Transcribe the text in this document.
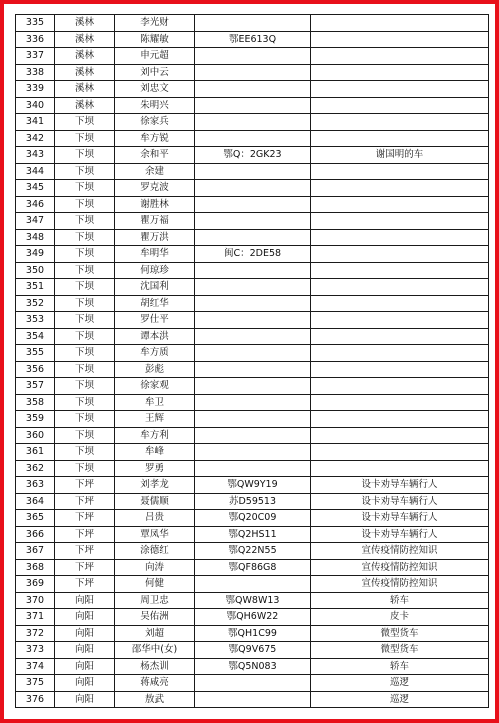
335	溪林	李光财		
336	溪林	陈耀敏	鄂EE613Q	
337	溪林	申元超		
338	溪林	刘中云		
339	溪林	刘忠文		
340	溪林	朱明兴		
341	下坝	徐家兵		
342	下坝	牟方锐		
343	下坝	余和平	鄂Q：2GK23	谢国明的车
344	下坝	余建		
345	下坝	罗克波		
346	下坝	谢胜林		
347	下坝	瞿万福		
348	下坝	瞿万洪		
349	下坝	牟明华	闽C：2DE58	
350	下坝	何琼珍		
351	下坝	沈国利		
352	下坝	胡红华		
353	下坝	罗仕平		
354	下坝	谭本洪		
355	下坝	牟方质		
356	下坝	彭彪		
357	下坝	徐家观		
358	下坝	牟卫		
359	下坝	王辉		
360	下坝	牟方利		
361	下坝	牟峰		
362	下坝	罗勇		
363	下坪	刘孝龙	鄂QW9Y19	设卡劝导车辆行人
364	下坪	聂儒顺	苏D59513	设卡劝导车辆行人
365	下坪	吕贵	鄂Q20C09	设卡劝导车辆行人
366	下坪	覃凤华	鄂Q2HS11	设卡劝导车辆行人
367	下坪	涂德红	鄂Q22N55	宣传疫情防控知识
368	下坪	向涛	鄂QF86G8	宣传疫情防控知识
369	下坪	何健		宣传疫情防控知识
370	向阳	周卫忠	鄂QW8W13	轿车
371	向阳	吴佑洲	鄂QH6W22	皮卡
372	向阳	刘超	鄂QH1C99	微型货车
373	向阳	邵华中(女)	鄂Q9V675	微型货车
374	向阳	杨杰训	鄂Q5N083	轿车
375	向阳	蒋咸亮		巡逻
376	向阳	敖武		巡逻
